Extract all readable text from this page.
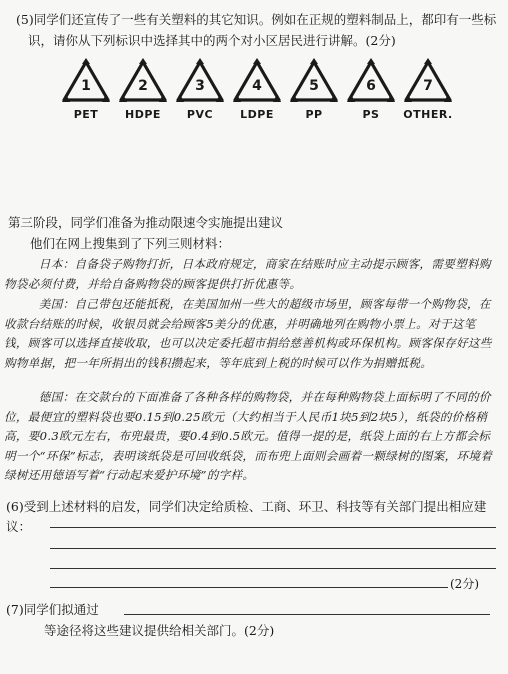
(5)同学们还宣传了一些有关塑料的其它知识。例如在正规的塑料制品上，都印有一些标
识，请你从下列标识中选择其中的两个对小区居民进行讲解。(2分)
1
PET
2
HDPE
3
PVC
4
LDPE
5
PP
6
PS
7
OTHER.
第三阶段，同学们准备为推动限速令实施提出建议
他们在网上搜集到了下列三则材料：

日本：自备袋子购物打折，日本政府规定，商家在结账时应主动提示顾客，需要塑料购物袋必须付费，并给自备购物袋的顾客提供打折优惠等。

美国：自己带包还能抵税，在美国加州一些大的超级市场里，顾客每带一个购物袋，在收款台结账的时候，收银员就会给顾客5美分的优惠，并明确地列在购物小票上。对于这笔钱，顾客可以选择直接收取，也可以决定委托超市捐给慈善机构或环保机构。顾客保存好这些购物单据，把一年所捐出的钱积攒起来，等年底到上税的时候可以作为捐赠抵税。

德国：在交款台的下面准备了各种各样的购物袋，并在每种购物袋上面标明了不同的价位，最便宜的塑料袋也要0.15到0.25欧元（大约相当于人民币1块5到2块5），纸袋的价格稍高，要0.3欧元左右，布兜最贵，要0.4到0.5欧元。值得一提的是，纸袋上面的右上方都会标明一个“环保”标志，表明该纸袋是可回收纸袋，而布兜上面则会画着一颗绿树的图案，环境着绿树还用德语写着“行动起来爱护环境”的字样。

(6)受到上述材料的启发，同学们决定给质检、工商、环卫、科技等有关部门提出相应建议：
(2分)
(7)同学们拟通过
等途径将这些建议提供给相关部门。(2分)
